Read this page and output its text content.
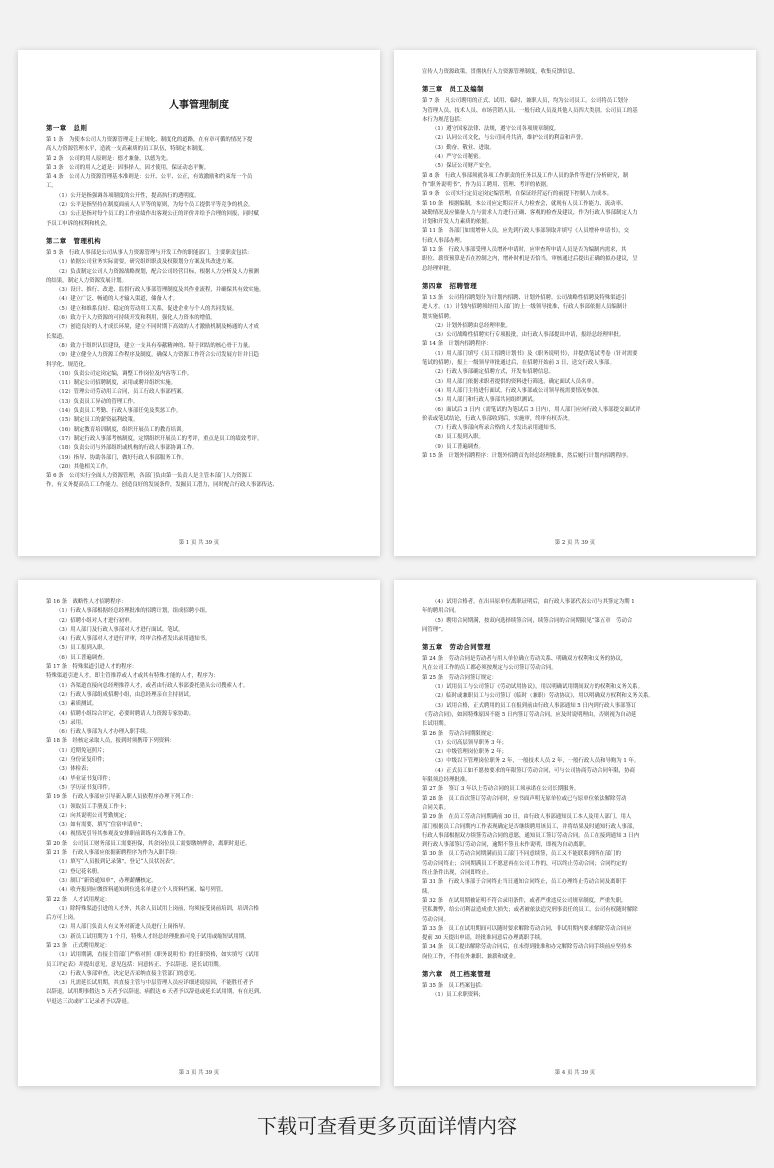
人事管理制度
第一章　总则
第 1 条　为使本公司人力资源管理走上正规化、制度化的道路，在有章可循的情况下提
高人力资源管理水平，造就一支高素质的员工队伍，特制定本制度。
第 2 条　公司的用人原则是：德才兼备，以德为先。
第 3 条　公司的用人之道是：因事择人，因才使用，保证动态平衡。
第 4 条　公司人力资源管理基本准则是：公开、公平、公正，有效激励和约束每一个员
工。
（1）公开是指强调各项制度的公开性，提高执行的透明度。
（2）公平是指坚持在制度面前人人平等的原则，为每个员工提供平等竞争的机会。
（3）公正是指对每个员工的工作业绩作出客观公正的评价并给予合理的回报，同时赋
予员工申诉的权利和机会。
第二章　管理机构
第 5 条　行政人事部是公司从事人力资源管理与开发工作的职能部门，主要职责包括：
（1）依据公司业务实际需要，研究组织职责及权限划分方案及其改进方案。
（2）负责制定公司人力资源战略规划，配合公司经营目标，根据人力分析及人力预测
的结果，制定人力资源发展计划。
（3）设计、推行、改进、监督行政人事部管理制度及其作业流程，并确保其有效实施。
（4）建立广泛、畅通的人才输入渠道，储备人才。
（5）建立和维系良好、稳定的劳动用工关系，促进企业与个人的共同发展。
（6）致力于人力资源的可持续开发和利用，强化人力资本的增值。
（7）创造良好的人才成长环境，建立不同时期下高效的人才激励机制及畅通的人才成
长渠道。
（8）致力于组织认信建设，建立一支具有奉献精神的、特于团结的核心骨干力量。
（9）建立健全人力资源工作程序及制度，确保人力资源工作符合公司发展方针并日趋
科学化、规范化。
（10）负责公司定岗定编，调整工作岗位及内容等工作。
（11）制定公司招聘制度，录用或聘并组织实施。
（12）管理公司劳动用工合同，员工行政人事部档案。
（13）负责员工异动的管理工作。
（14）负责员工考勤、行政人事部任免及奖惩工作。
（15）制定员工的薪资福利政策。
（16）制定教育培训制度，组织开展员工的教育培训。
（17）制定行政人事部考核制度，定期组织开展员工的考评，重点是员工的绩效考评。
（18）负责公司与外部组织或机构的行政人事部协调工作。
（19）指导、协助各部门，做好行政人事部服务工作。
（20）其他相关工作。
第 6 条　公司实行全面人力资源管理，各部门负由第一负责人是主管本部门人力资源工
作，有义务提高员工工作能力，创造良好的发展条件，发掘员工潜力，同时配合行政人事部传达、
第 1 页 共 39 页
宣传人力资源政策，贯彻执行人力资源管理制度，收集反馈信息。
第三章　员工及编制
第 7 条　凡公司聘用的正式、试用、临时、兼职人员，均为公司员工。公司将员工划分
为管理人员、技术人员、市场营销人员、一般行政人员及其他人员四大类别。公司员工的基
本行为规范包括：
（1）遵守国家法律、法规，遵守公司各项规章制度。
（2）认同公司文化，与公司同舟共济，维护公司的利益和声誉。
（3）勤奋、敬业、进取。
（4）严守公司秘密。
（5）保证公司财产安全。
第 8 条　行政人事部须就各项工作职责的任务以及工作人员的条件等进行分析研究，制
作“职务说明书”，作为员工聘用、管理、考评的依据。
第 9 条　公司实行定员定岗定编管理，在保证经营运行的前提下控制人力成本。
第 10 条　根据编制，本公司应定期召开人力检查会，就现有人员工作能力、流动率、
缺勤情况及应储备人力与需求人力进行正确、客观的检查及建议，作为行政人事部制定人力
计划和开发人力素质的依据。
第 11 条　各部门如需增补人员，应先到行政人事部领取并填写《人员增补申请书》，交
行政人事部办理。
第 12 条　行政人事部受理人员增补申请时，应审查所申请人员是否为编制内需求，其
职位、薪资预算是否在控制之内，增补时机是否恰当，审核通过后提出正确的拟办建议，呈
总经理审批。
第四章　招聘管理
第 13 条　公司将招聘划分为计划内招聘、计划外招聘。公司战略性招聘及特殊渠道引
进人才。（1）计划内招聘须经用人部门的上一级领导批准，行政人事部依据人员编制计
划实施招聘。
（2）计划外招聘由总经理审批。
（3）公司战略性招聘实行专项报批，由行政人事部提出申请，报经总经理审批。
第 14 条　计划内招聘程序：
（1）用人部门填写《员工招聘计划书》及《职务说明书》，并提供笔试考卷（针对需要
笔试的招聘），报上一级领导审批通过后，在招聘开始前 3 日，送交行政人事部。
（2）行政人事部确定招聘方式，开发布招聘信息。
（3）用人部门依据求职者提供的资料进行筛选，确定面试人员名单。
（4）用人部门主持进行面试，行政人事部或公司领导视需要情况参加。
（5）用人部门和行政人事部共同组织测试。
（6）面试后 3 日内（需笔试的为笔试后 3 日内），用人部门应向行政人事部提交面试评
价表或笔试结论，行政人事部收到后，实施审，终审有权否决。
（7）行政人事部向所录合格的人才发出录用通知书。
（8）员工报到入职。
（9）员工普遍调查。
第 15 条　计划外招聘程序：计划外招聘首先经总经理批准，然后履行计划内招聘程序。
第 2 页 共 39 页
第 16 条　战略性人才招聘程序：
（1）行政人事部根据经总经理批准的招聘计划，组成招聘小组。
（2）招聘小组对人才进行初审。
（3）用人部门及行政人事部对人才进行面试、笔试。
（4）行政人事部对人才进行评审，终审合格者发出录用通知书。
（5）员工报到入职。
（6）员工普遍调查。
第 17 条　特殊渠道引进人才的程序：
特殊渠道引进人才，即主管推荐或人才或其有特殊才能的人才，程序为：
（1）各渠道直接向总经理推荐人才，或者由行政人事部委托猎头公司搜索人才。
（2）行政人事部组成招聘小组，由总经理亲自主持初试。
（3）素质测试。
（4）招聘小组综合评定，必要时聘请人力资源专家协助。
（5）录用。
（6）行政人事部为人才办理入职手续。
第 18 条　经核定录取人员，报到时须携带下列资料：
（1）近期免冠照片；
（2）身份证复印件；
（3）体检表；
（4）毕业证书复印件；
（5）学历证书复印件。
第 19 条　行政人事部应引导新入职人员依程序办理下列工作：
（1）领取员工手册及工作卡；
（2）向其说明公司考勤规定；
（3）如有需要，填写“住宿申请单”；
（4）视情况引导其参观及安排职前训练有关准备工作。
第 20 条　公司员工财务部员工需要担保，其余岗位员工需要缴纳押金，离职时退还。
第 21 条　行政人事部应依据新聘程序为作为入职手续：
（1）填写“人员报到记录簿”，登记“人员状况表”。
（2）登记花名册。
（3）制订“新资通知单”，办理薪酬核定。
（4）收齐报到应缴资料通知到位选名单建立个人资料档案，编号列管。
第 22 条　人才试用规定：
（1）除特殊渠道引进的人才外，其余人员试用上岗前，均须接受岗前培训，培训合格
后方可上岗。
（2）用人部门负责人有义务对新进人员进行上岗指导。
（3）新员工试用期为 1 个月，特殊人才经总经理批准可免于试用或缩短试用期。
第 23 条　正式聘用规定：
（1）试用期满，直接主管部门严格对照《职务说明书》的任职资格，如实填写《试用
员工评定表》并提出意见，意见包括：同意转正、予以辞退、延长试用期。
（2）行政人事部审查，决定是否采纳直接主管部门的意见。
（3）凡需延长试用期，其直接主管与中层管理人员应详细述说原因，不能胜任者予
以辞退，试用期事假达 5 天者予以辞退，病假达 6 天者予以辞退或延长试用期，有在迟到、
早退达三次或旷工记录者予以辞退。
第 3 页 共 39 页
（4）试用合格者，在出具原单位离职证明后，由行政人事部代表公司与其签定为期 1
年的聘用合同。
（5）聘用合同期满，按双向选择续签合同，续签合同的合同期限见“第五章　劳动合
同管理”。
第五章　劳动合同管理
第 24 条　劳动合同是劳动者与用人单位确立劳动关系、明确双方权利和义务的协议，
凡在公司工作的员工都必须按规定与公司签订劳动合同。
第 25 条　劳动合同签订规定：
（1）试用员工与公司签订《劳动试用协议》，用以明确试用期间双方的权利和义务关系。
（2）临时或兼职员工与公司签订《临时（兼职）劳动协议》，用以明确双方权利和义务关系。
（3）试用合格，正式聘用的员工在报到前由行政人事部通知 5 日内到行政人事部签订
《劳动合同》，如因特殊原因不能 5 日内签订劳动合同，应及时说明理由，否则视为自动延
长试用期。
第 26 条　劳动合同期限规定：
（1）公司高层领导职务 3 年；
（2）中级管理岗位职务 2 年；
（3）中级以下管理岗位职务 2 年，一般技术人员 2 年，一般行政人员和导购为 1 年。
（4）正式员工如不愿按要求的年限签订劳动合同，可与公司协商劳动合同年限，协商
年限须总经理批准。
第 27 条　签订 3 年以上劳动合同的员工须承诺在公司长期服务。
第 28 条　员工首次签订劳动合同时，应书面声明无原单位或已与原单位依法解除劳动
合同关系。
第 29 条　在员工劳动合同期满前 30 日，由行政人事部通知员工本人及用人部门，用人
部门根据员工合同期内工作表现确定是否继续聘用该员工，并将结果及时通知行政人事部，
行政人事部根据双方续签劳动合同的意愿，通知员工签订劳动合同。员工在接到通知 3 日内
到行政人事部签订劳动合同，逾期不签且未作说明，即视为自动离职。
第 30 条　员工劳动合同期满而员工部门不同意续签，员工又不能联系到所在部门的
劳动合同终止；合同期满员工不愿意再在公司工作的，可以终止劳动合同；合同约定的
终止条件出现，合同即终止。
第 31 条　行政人事部于合同终止当日通知合同终止，员工办理终止劳动合同及离职手
续。
第 32 条　在试用期被证明不符合录用条件，或者严重违反公司规章制度，严重失职，
营私舞弊，给公司利益造成重大损失；或者被依法追究刑事责任的员工，公司有权随时解除
劳动合同。
第 33 条　员工在试用期间可以随时要求解除劳动合同，非试用期内要求解除劳动合同应
提前 30 天提出申请，经批准同意后办理离职手续。
第 34 条　员工提出解除劳动合同后，在未得到批准和办完解除劳动合同手续前应坚持本
岗位工作，不得在外兼职、兼薪和就业。
第六章　员工档案管理
第 35 条　员工档案包括：
（1）员工求职资料；
第 4 页 共 39 页
下载可查看更多页面详情内容
